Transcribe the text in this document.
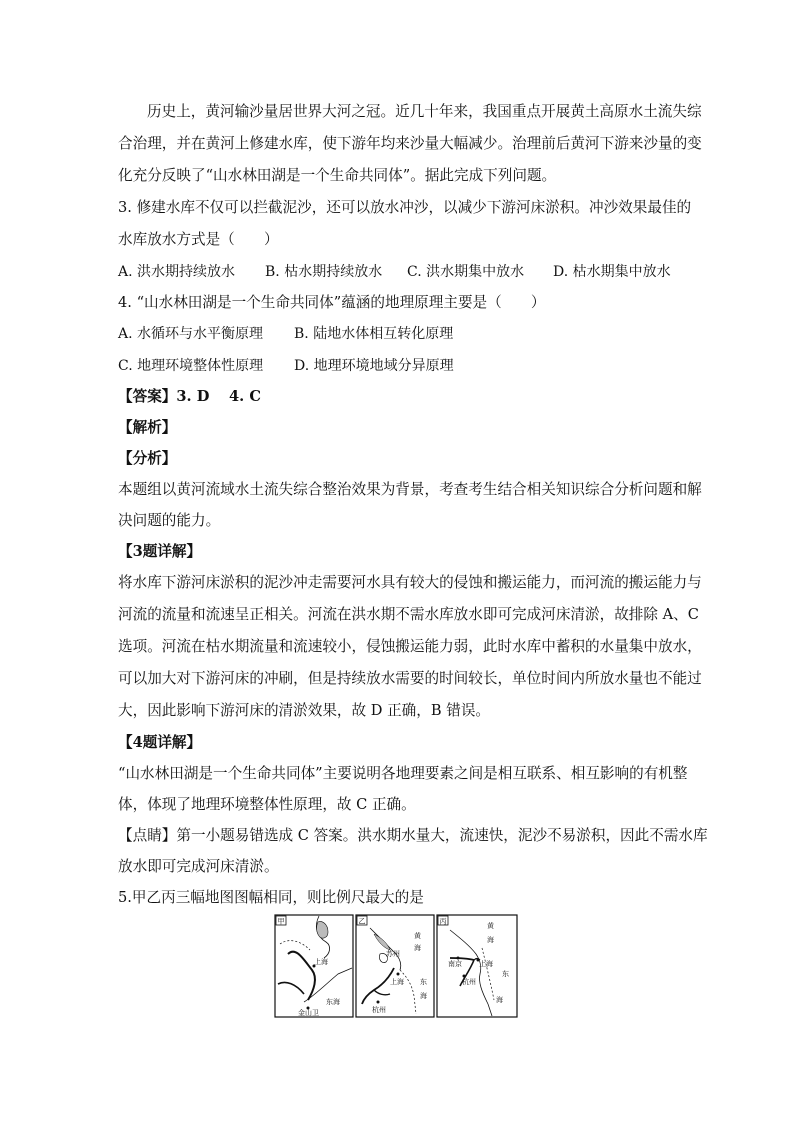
历史上，黄河输沙量居世界大河之冠。近几十年来，我国重点开展黄土高原水土流失综
合治理，并在黄河上修建水库，使下游年均来沙量大幅减少。治理前后黄河下游来沙量的变
化充分反映了“山水林田湖是一个生命共同体”。据此完成下列问题。
3. 修建水库不仅可以拦截泥沙，还可以放水冲沙，以减少下游河床淤积。冲沙效果最佳的
水库放水方式是（　　）
A. 洪水期持续放水 B. 枯水期持续放水 C. 洪水期集中放水 D. 枯水期集中放水
4. “山水林田湖是一个生命共同体”蕴涵的地理原理主要是（　　）
A. 水循环与水平衡原理 B. 陆地水体相互转化原理
C. 地理环境整体性原理 D. 地理环境地域分异原理
【答案】3. D　 4. C
【解析】
【分析】
本题组以黄河流域水土流失综合整治效果为背景，考查考生结合相关知识综合分析问题和解
决问题的能力。
【3题详解】
将水库下游河床淤积的泥沙冲走需要河水具有较大的侵蚀和搬运能力，而河流的搬运能力与
河流的流量和流速呈正相关。河流在洪水期不需水库放水即可完成河床清淤，故排除 A、C
选项。河流在枯水期流量和流速较小，侵蚀搬运能力弱，此时水库中蓄积的水量集中放水，
可以加大对下游河床的冲刷，但是持续放水需要的时间较长，单位时间内所放水量也不能过
大，因此影响下游河床的清淤效果，故 D 正确，B 错误。
【4题详解】
“山水林田湖是一个生命共同体”主要说明各地理要素之间是相互联系、相互影响的有机整
体，体现了地理环境整体性原理，故 C 正确。
【点睛】第一小题易错选成 C 答案。洪水期水量大，流速快，泥沙不易淤积，因此不需水库
放水即可完成河床清淤。
5.甲乙丙三幅地图图幅相同，则比例尺最大的是
甲
上海
东海
金山卫
乙
黄
海
苏州
上海 东
海
杭州
丙
黄
海
南京 上海
杭州
东
海
